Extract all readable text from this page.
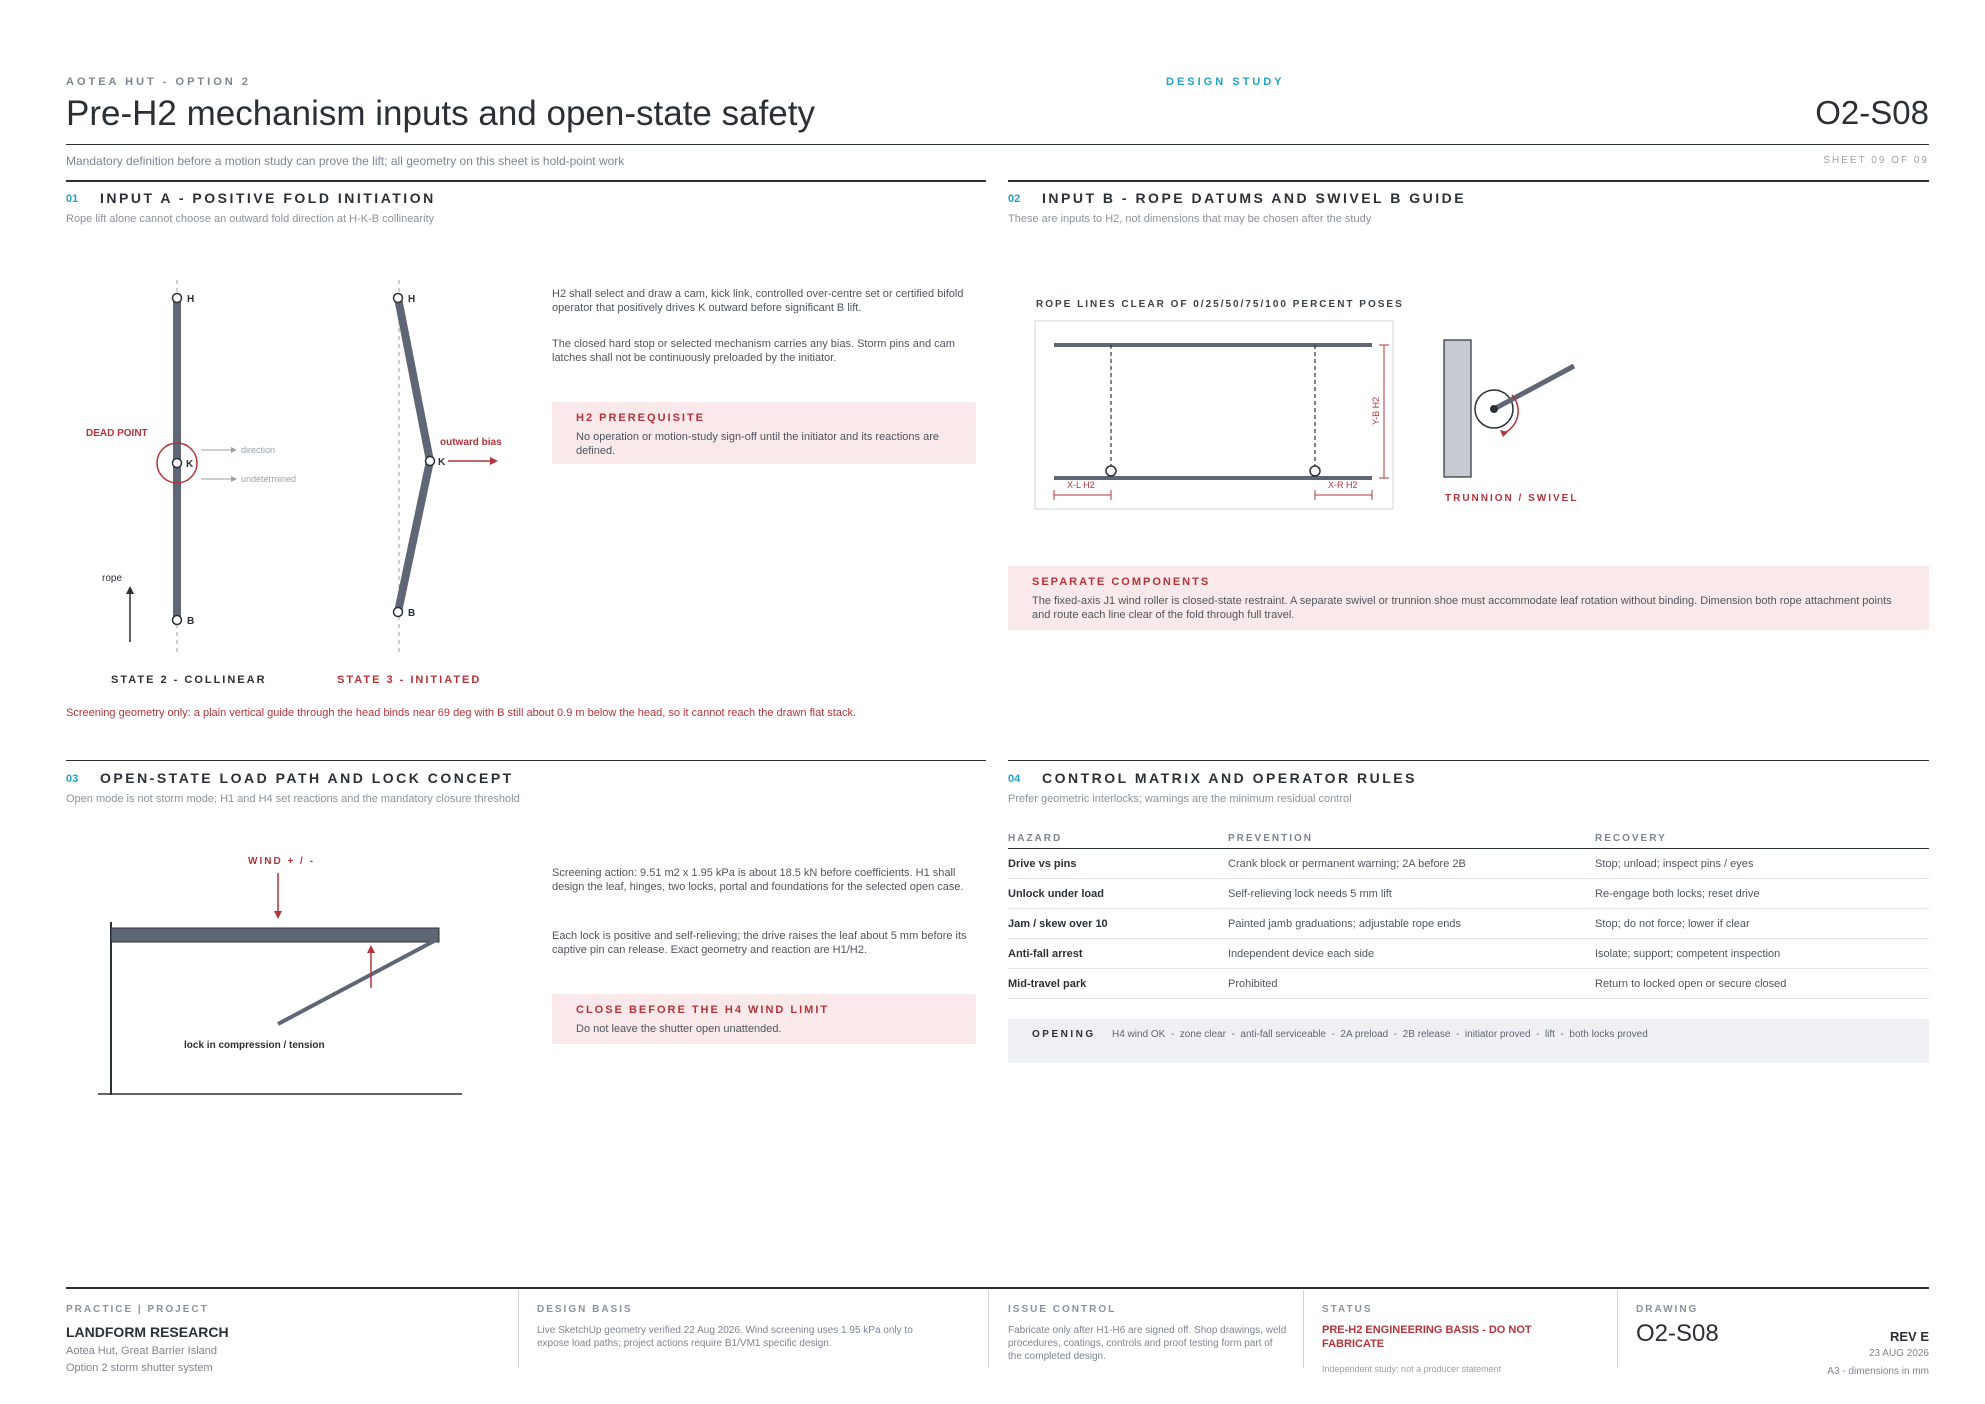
AOTEA HUT - OPTION 2	DESIGN STUDY
Pre-H2 mechanism inputs and open-state safety	O2-S08
Mandatory definition before a motion study can prove the lift; all geometry on this sheet is hold-point work	SHEET 09 OF 09
01 INPUT A - POSITIVE FOLD INITIATION
Rope lift alone cannot choose an outward fold direction at H-K-B collinearity
H
K
B
DEAD POINT
direction
undetermined
rope
STATE 2 - COLLINEAR
H
K
B
outward bias
STATE 3 - INITIATED
H2 shall select and draw a cam, kick link, controlled over-centre set or certified bifold operator that positively drives K outward before significant B lift.
The closed hard stop or selected mechanism carries any bias. Storm pins and cam latches shall not be continuously preloaded by the initiator.
H2 PREREQUISITE
No operation or motion-study sign-off until the initiator and its reactions are defined.
Screening geometry only: a plain vertical guide through the head binds near 69 deg with B still about 0.9 m below the head, so it cannot reach the drawn flat stack.
02 INPUT B - ROPE DATUMS AND SWIVEL B GUIDE
These are inputs to H2, not dimensions that may be chosen after the study
ROPE LINES CLEAR OF 0/25/50/75/100 PERCENT POSES
Y-B H2
X-L H2	X-R H2
TRUNNION / SWIVEL
SEPARATE COMPONENTS
The fixed-axis J1 wind roller is closed-state restraint. A separate swivel or trunnion shoe must accommodate leaf rotation without binding. Dimension both rope attachment points and route each line clear of the fold through full travel.
03 OPEN-STATE LOAD PATH AND LOCK CONCEPT
Open mode is not storm mode; H1 and H4 set reactions and the mandatory closure threshold
WIND + / -
lock in compression / tension
Screening action: 9.51 m2 x 1.95 kPa is about 18.5 kN before coefficients. H1 shall design the leaf, hinges, two locks, portal and foundations for the selected open case.
Each lock is positive and self-relieving; the drive raises the leaf about 5 mm before its captive pin can release. Exact geometry and reaction are H1/H2.
CLOSE BEFORE THE H4 WIND LIMIT
Do not leave the shutter open unattended.
04 CONTROL MATRIX AND OPERATOR RULES
Prefer geometric interlocks; warnings are the minimum residual control
HAZARD	PREVENTION	RECOVERY
Drive vs pins	Crank block or permanent warning; 2A before 2B	Stop; unload; inspect pins / eyes
Unlock under load	Self-relieving lock needs 5 mm lift	Re-engage both locks; reset drive
Jam / skew over 10	Painted jamb graduations; adjustable rope ends	Stop; do not force; lower if clear
Anti-fall arrest	Independent device each side	Isolate; support; competent inspection
Mid-travel park	Prohibited	Return to locked open or secure closed
OPENING H4 wind OK  -  zone clear  -  anti-fall serviceable  -  2A preload  -  2B release  -  initiator proved  -  lift  -  both locks proved
PRACTICE | PROJECT
LANDFORM RESEARCH
Aotea Hut, Great Barrier Island
Option 2 storm shutter system
DESIGN BASIS
Live SketchUp geometry verified 22 Aug 2026. Wind screening uses 1.95 kPa only to expose load paths; project actions require B1/VM1 specific design.
ISSUE CONTROL
Fabricate only after H1-H6 are signed off. Shop drawings, weld procedures, coatings, controls and proof testing form part of the completed design.
STATUS
PRE-H2 ENGINEERING BASIS - DO NOT FABRICATE
Independent study; not a producer statement
DRAWING
O2-S08	REV E
23 AUG 2026
A3 - dimensions in mm
